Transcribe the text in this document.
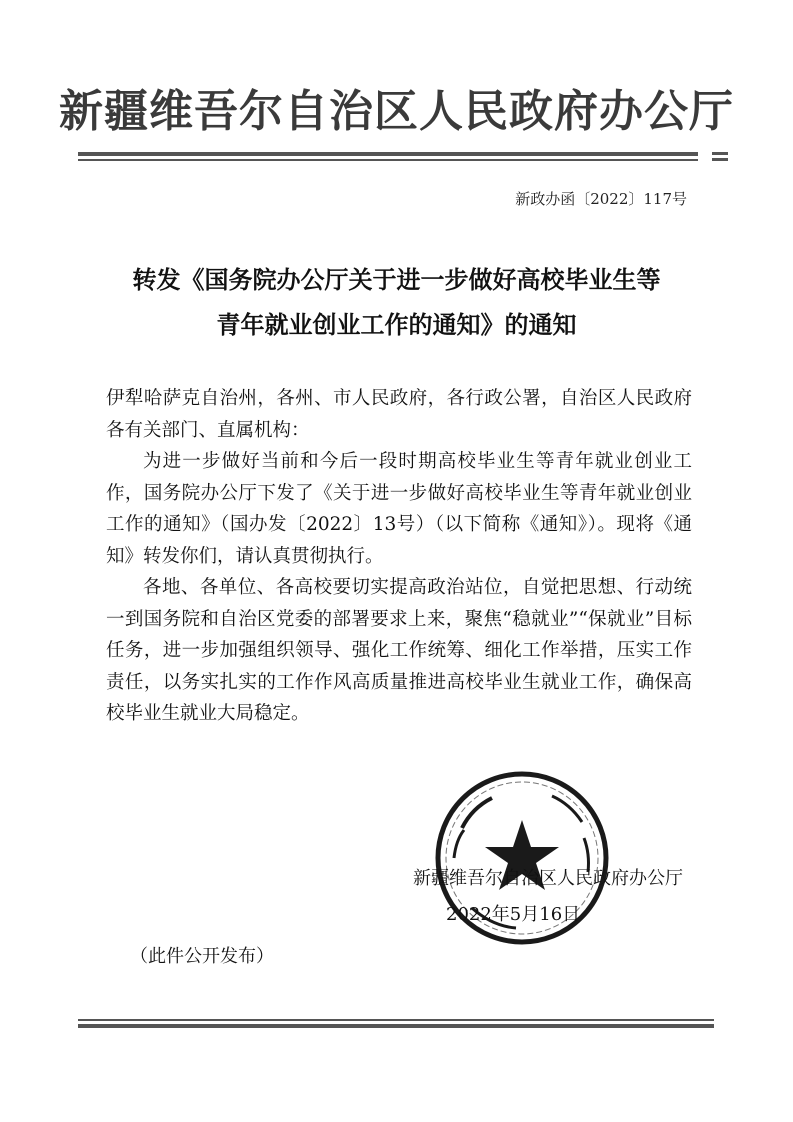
新疆维吾尔自治区人民政府办公厅
新政办函〔2022〕117号
转发《国务院办公厅关于进一步做好高校毕业生等
青年就业创业工作的通知》的通知

伊犁哈萨克自治州，各州、市人民政府，各行政公署，自治区人民政府各有关部门、直属机构：

为进一步做好当前和今后一段时期高校毕业生等青年就业创业工作，国务院办公厅下发了《关于进一步做好高校毕业生等青年就业创业工作的通知》（国办发〔2022〕13号）（以下简称《通知》）。现将《通知》转发你们，请认真贯彻执行。

各地、各单位、各高校要切实提高政治站位，自觉把思想、行动统一到国务院和自治区党委的部署要求上来，聚焦“稳就业”“保就业”目标任务，进一步加强组织领导、强化工作统筹、细化工作举措，压实工作责任，以务实扎实的工作作风高质量推进高校毕业生就业工作，确保高校毕业生就业大局稳定。

新疆维吾尔自治区人民政府办公厅
2022年5月16日
（此件公开发布）
